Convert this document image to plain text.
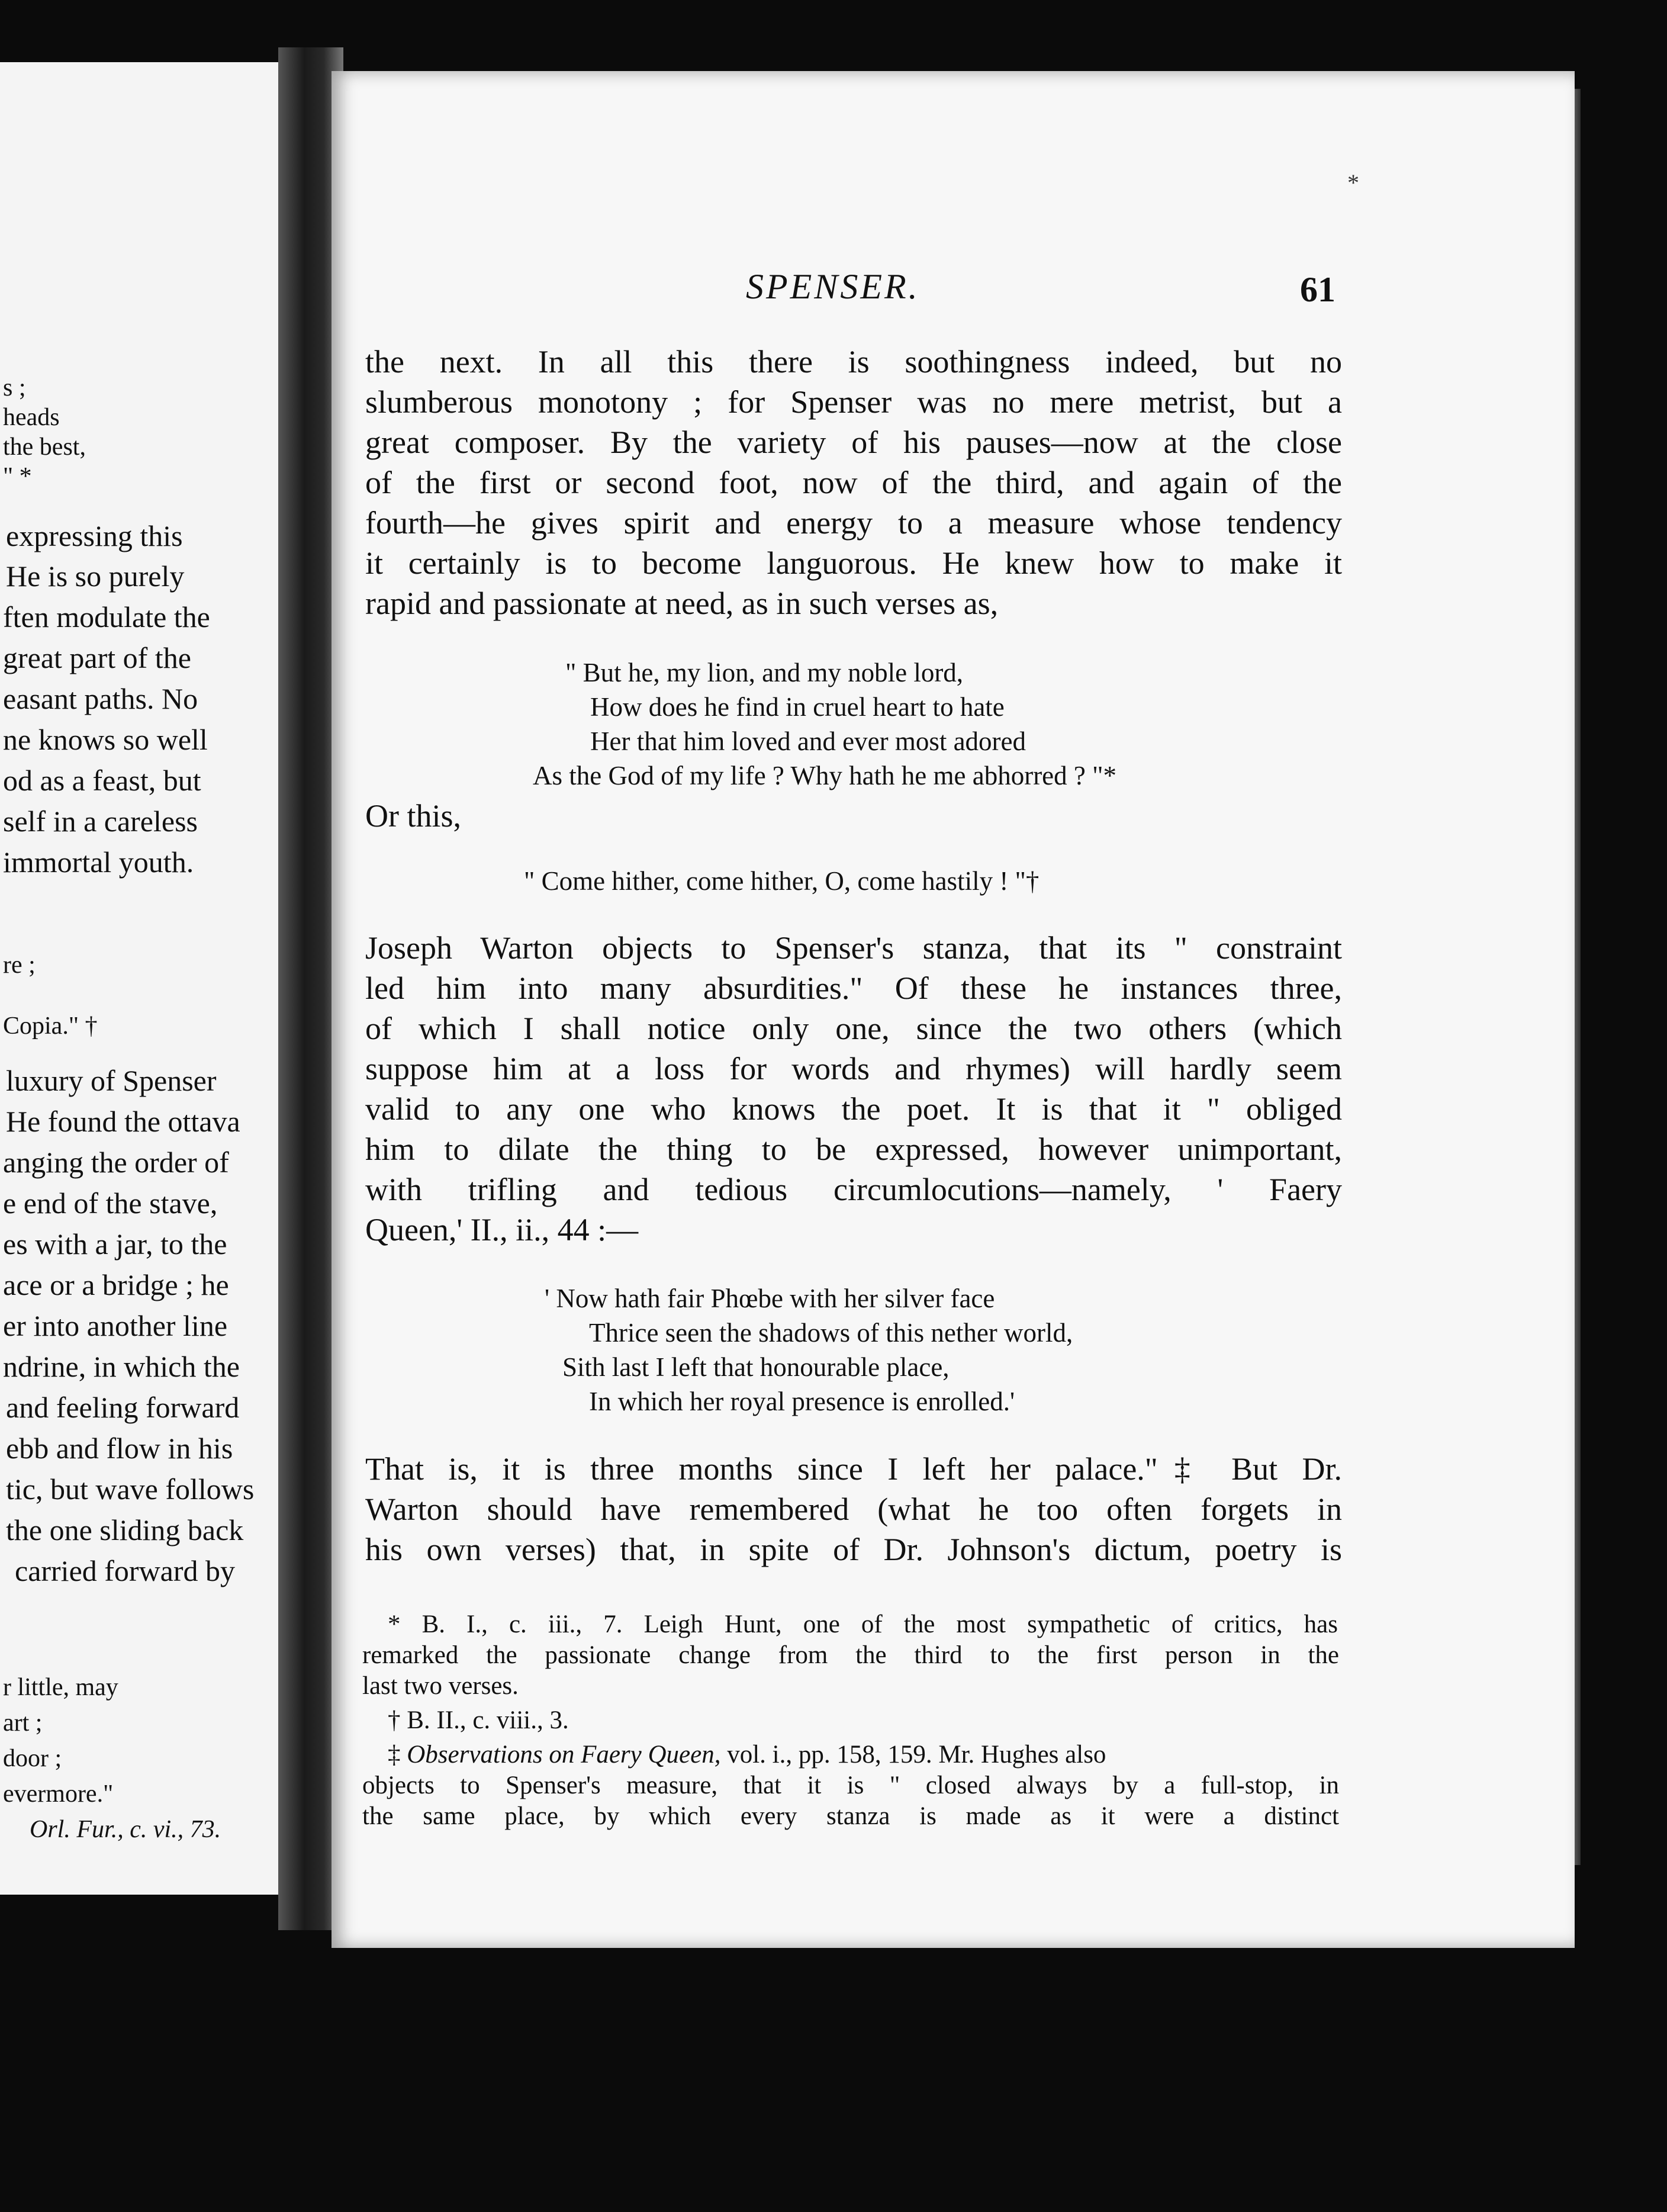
s ;
heads
the best,
" *
expressing this
He is so purely
ften modulate the
great part of the
easant paths. No
ne knows so well
od as a feast, but
self in a careless
immortal youth.
re ;
Copia." †
luxury of Spenser
He found the ottava
anging the order of
e end of the stave,
es with a jar, to the
ace or a bridge ; he
er into another line
ndrine, in which the
and feeling forward
ebb and flow in his
tic, but wave follows
the one sliding back
carried forward by
r little, may
art ;
door ;
evermore."
Orl. Fur., c. vi., 73.
*
SPENSER.	61
the next. In all this there is soothingness indeed, but no
slumberous monotony ; for Spenser was no mere metrist, but a
great composer. By the variety of his pauses—now at the close
of the first or second foot, now of the third, and again of the
fourth—he gives spirit and energy to a measure whose tendency
it certainly is to become languorous. He knew how to make it
rapid and passionate at need, as in such verses as,
" But he, my lion, and my noble lord,
How does he find in cruel heart to hate
Her that him loved and ever most adored
As the God of my life ? Why hath he me abhorred ? "*
Or this,
" Come hither, come hither, O, come hastily ! "†
Joseph Warton objects to Spenser's stanza, that its " constraint
led him into many absurdities." Of these he instances three,
of which I shall notice only one, since the two others (which
suppose him at a loss for words and rhymes) will hardly seem
valid to any one who knows the poet. It is that it " obliged
him to dilate the thing to be expressed, however unimportant,
with trifling and tedious circumlocutions—namely, ' Faery
Queen,' II., ii., 44 :—
' Now hath fair Phœbe with her silver face
Thrice seen the shadows of this nether world,
Sith last I left that honourable place,
In which her royal presence is enrolled.'
That is, it is three months since I left her palace."‡ But Dr.
Warton should have remembered (what he too often forgets in
his own verses) that, in spite of Dr. Johnson's dictum, poetry is
* B. I., c. iii., 7. Leigh Hunt, one of the most sympathetic of critics, has
remarked the passionate change from the third to the first person in the
last two verses.
† B. II., c. viii., 3.
‡ Observations on Faery Queen, vol. i., pp. 158, 159. Mr. Hughes also
objects to Spenser's measure, that it is " closed always by a full-stop, in
the same place, by which every stanza is made as it were a distinct
